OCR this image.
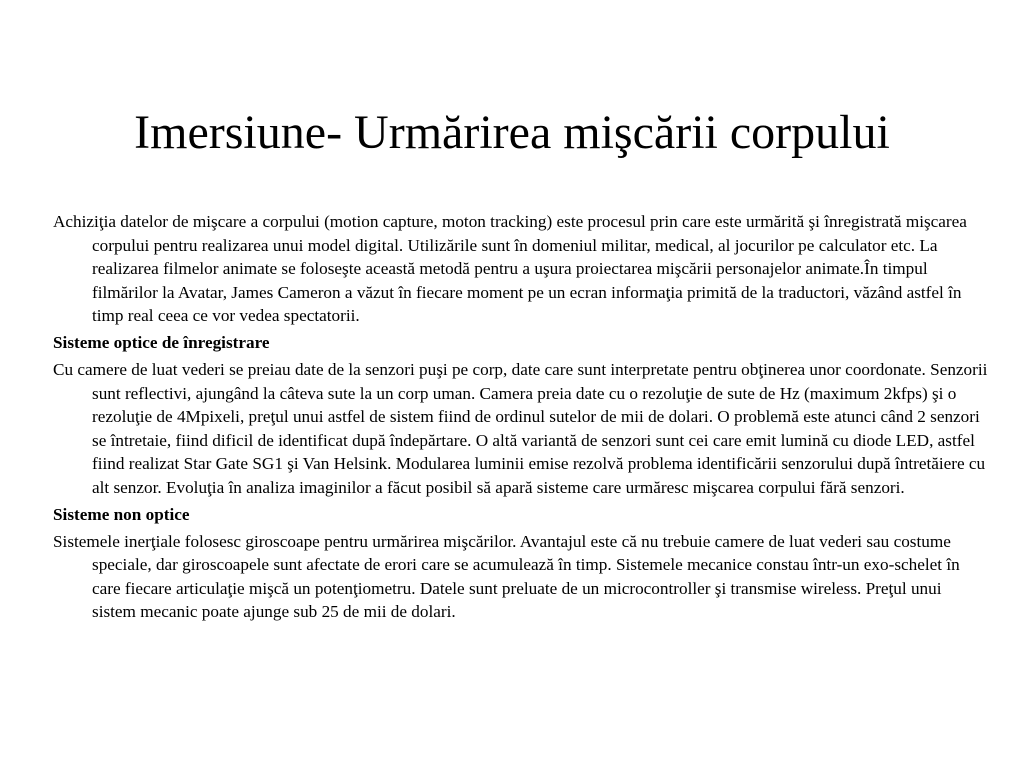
Imersiune- Urmărirea mişcării corpului

Achiziţia datelor de mişcare a corpului (motion capture, moton tracking) este procesul prin care este urmărită şi înregistrată mişcarea corpului pentru realizarea unui model digital. Utilizările sunt în domeniul militar, medical, al jocurilor pe calculator etc. La realizarea filmelor animate se foloseşte această metodă pentru a uşura proiectarea mişcării personajelor animate.În timpul filmărilor la Avatar, James Cameron a văzut în fiecare moment pe un ecran informaţia primită de la traductori, văzând astfel în timp real ceea ce vor vedea spectatorii.

Sisteme optice de înregistrare

Cu camere de luat vederi se preiau date de la senzori puşi pe corp, date care sunt interpretate pentru obţinerea unor coordonate. Senzorii sunt reflectivi, ajungând la câteva sute la un corp uman. Camera preia date cu o rezoluţie de sute de Hz (maximum 2kfps) şi o rezoluţie de 4Mpixeli, preţul unui astfel de sistem fiind de ordinul sutelor de mii de dolari. O problemă este atunci când 2 senzori se întretaie, fiind dificil de identificat după îndepărtare. O altă variantă de senzori sunt cei care emit lumină cu diode LED, astfel fiind realizat Star Gate SG1 şi Van Helsink. Modularea luminii emise rezolvă problema identificării senzorului după întretăiere cu alt senzor. Evoluţia în analiza imaginilor a făcut posibil să apară sisteme care urmăresc mişcarea corpului fără senzori.

Sisteme non optice

Sistemele inerţiale folosesc giroscoape pentru urmărirea mişcărilor. Avantajul este că nu trebuie camere de luat vederi sau costume speciale, dar giroscoapele sunt afectate de erori care se acumulează în timp. Sistemele mecanice constau într-un exo-schelet în care fiecare articulaţie mişcă un potenţiometru. Datele sunt preluate de un microcontroller şi transmise wireless. Preţul unui sistem mecanic poate ajunge sub 25 de mii de dolari.
